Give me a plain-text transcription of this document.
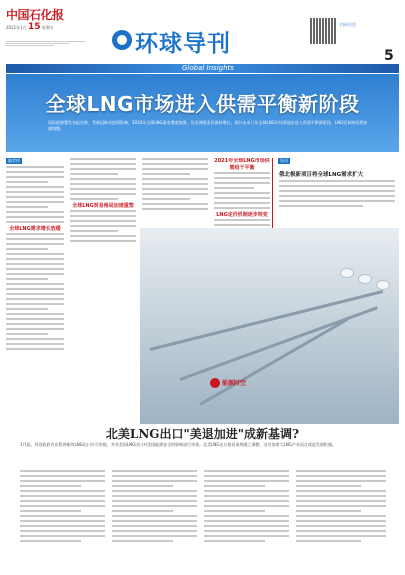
中国石化报
2021年1月 15 星期五
环球导刊
扫码关注
5
Global Insights
全球LNG市场进入供需平衡新阶段
国际能源署发布报告称，受新冠肺炎疫情影响，2020年全球LNG需求增速放缓，但亚洲需求仍保持增长。预计未来几年全球LNG市场将逐步进入供需平衡新阶段，LNG贸易格局将加速调整。
编者按	短讯
全球LNG需求增长放缓
全球LNG贸易格局加速重塑
2021年全球LNG市场供需趋于平衡
LNG定价机制逐步转变
俄北极新项目将全球LNG需求扩大
能源时空
北美LNG出口"美退加进"成新基调?
1月起，拜登政府宣布暂停新的LNG出口许可审批，并对美国LNG出口对美国能源安全的影响进行审查。北美LNG出口格局或将随之调整，这对加拿大LNG产业而言或是发展机遇。
